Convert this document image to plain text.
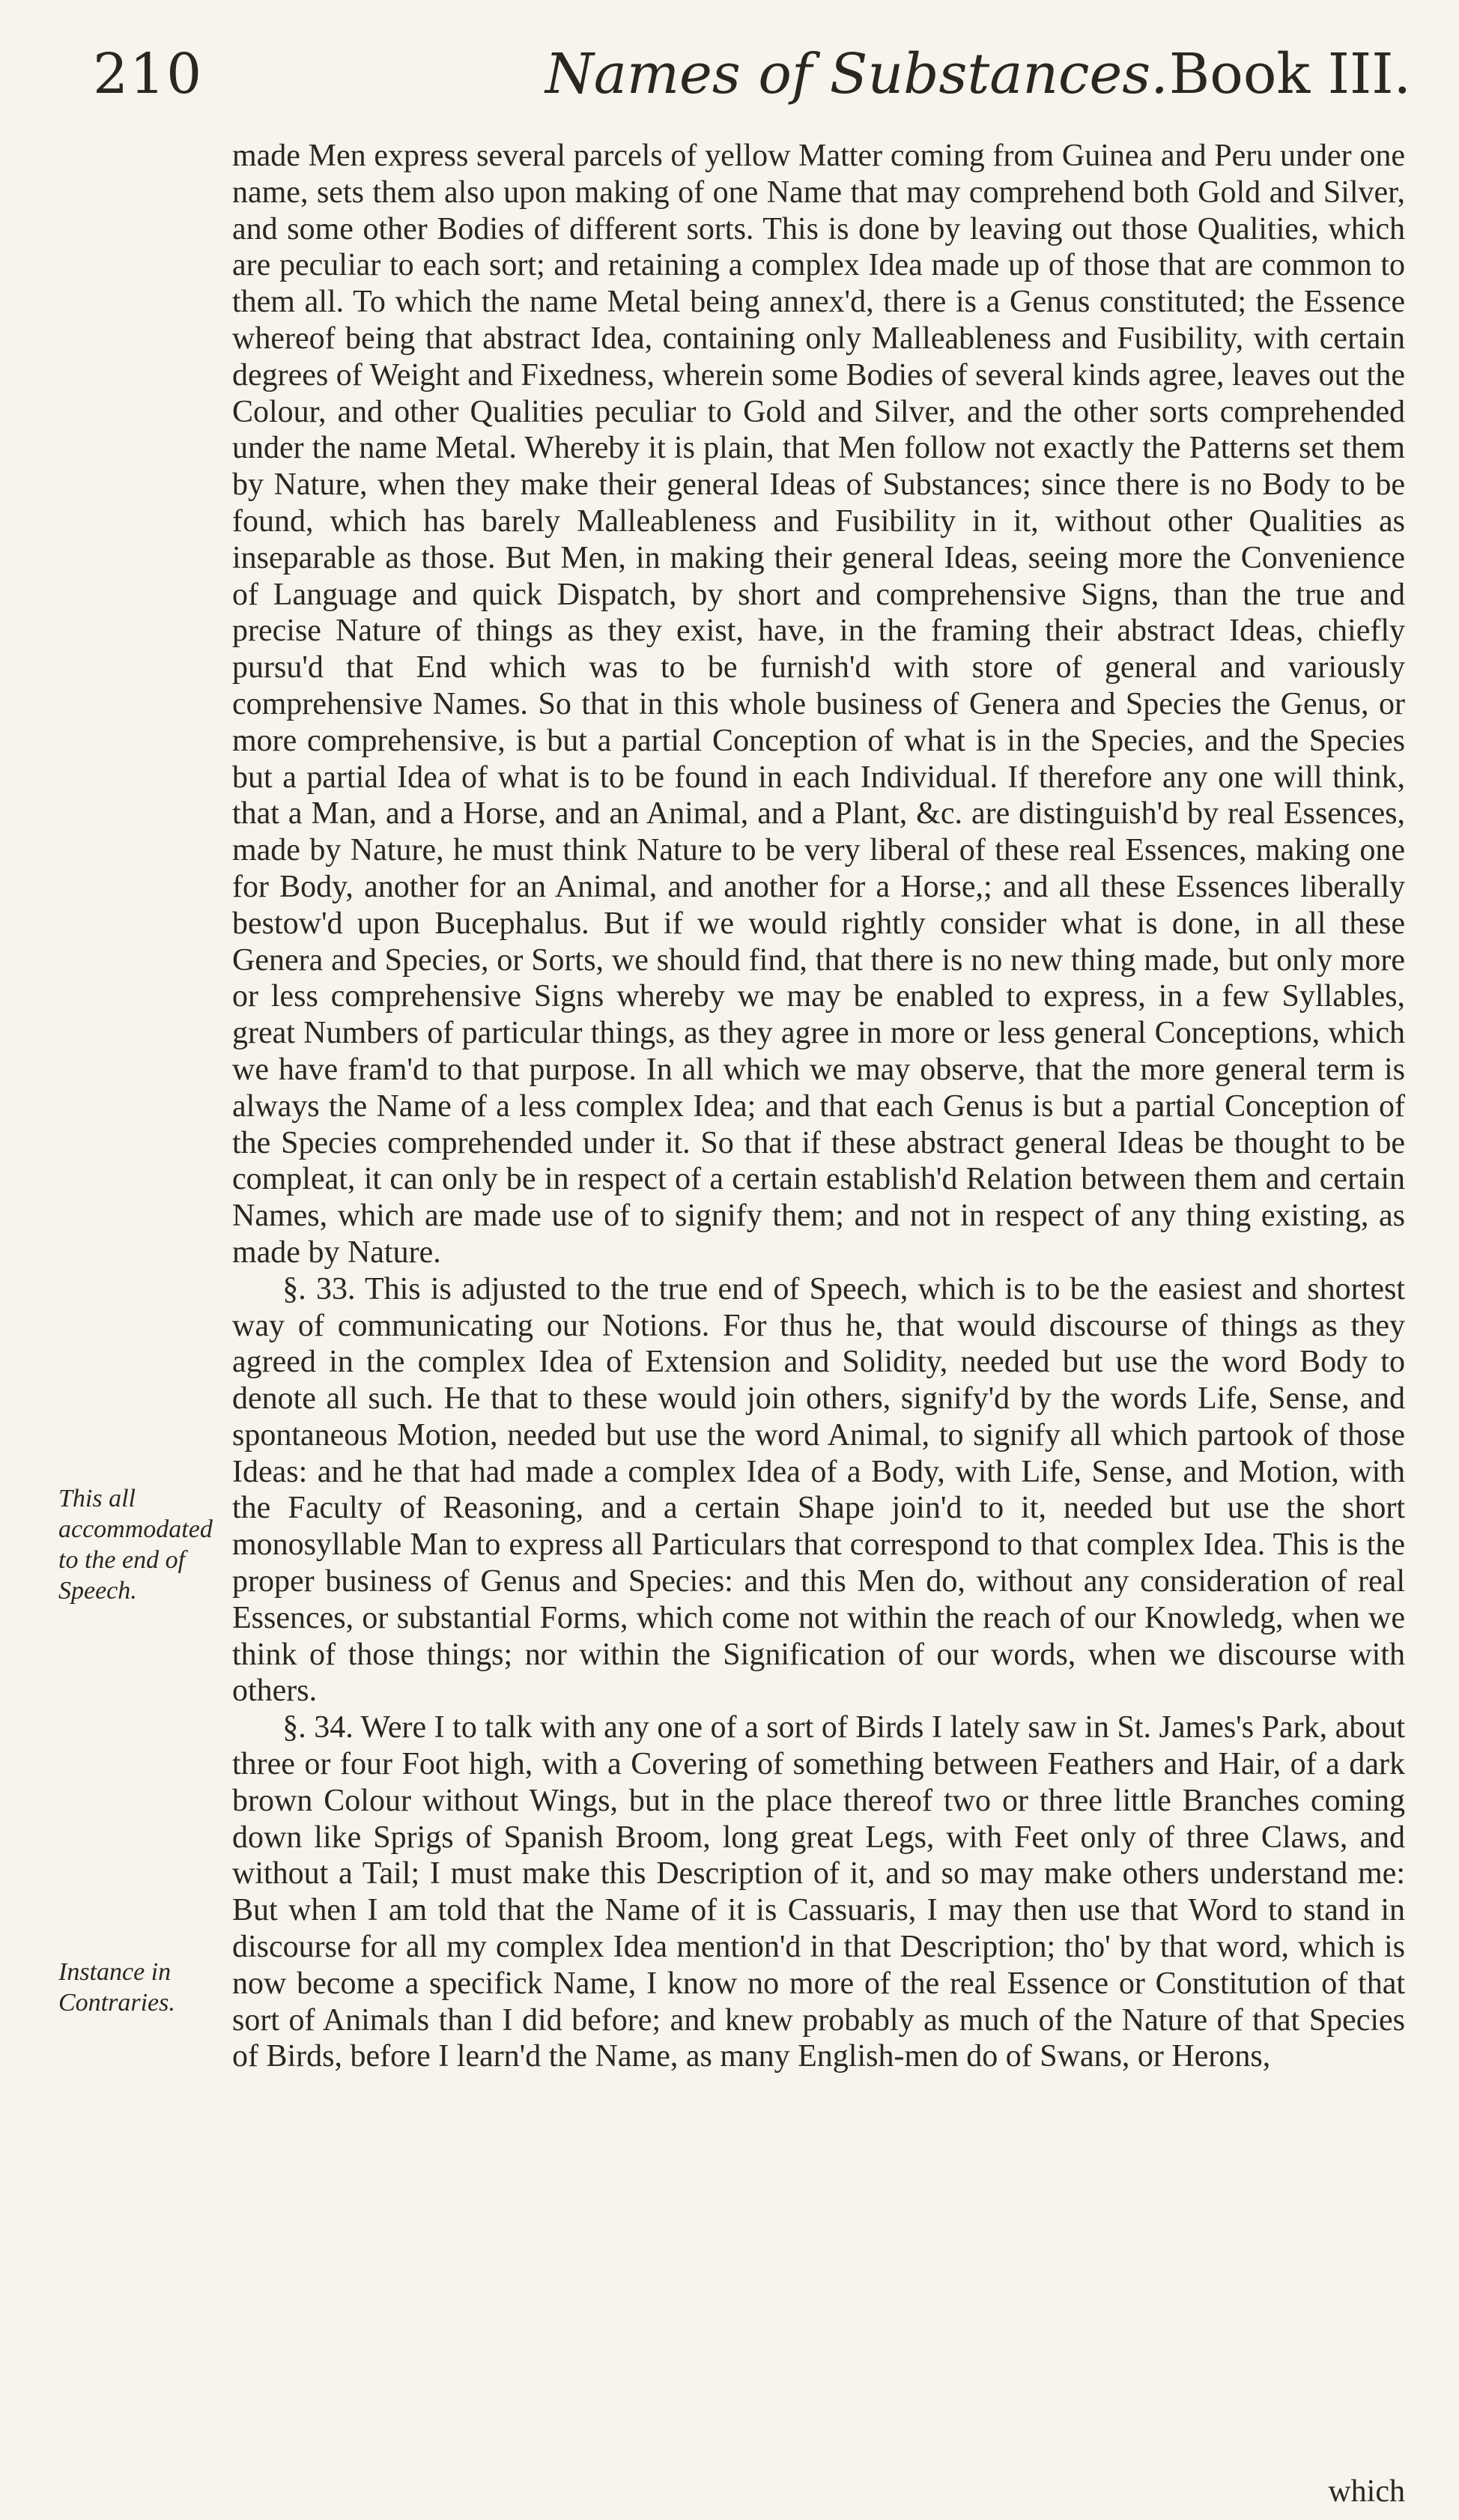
210	Names of Substances. Book III.
This all accommodated to the end of Speech.
Instance in Contraries.

made Men express several parcels of yellow Matter coming from Guinea and Peru under one name, sets them also upon making of one Name that may comprehend both Gold and Silver, and some other Bodies of different sorts. This is done by leaving out those Qualities, which are peculiar to each sort; and retaining a complex Idea made up of those that are common to them all. To which the name Metal being annex'd, there is a Genus constituted; the Essence whereof being that abstract Idea, containing only Malleableness and Fusibility, with certain degrees of Weight and Fixedness, wherein some Bodies of several kinds agree, leaves out the Colour, and other Qualities peculiar to Gold and Silver, and the other sorts comprehended under the name Metal. Whereby it is plain, that Men follow not exactly the Patterns set them by Nature, when they make their general Ideas of Substances; since there is no Body to be found, which has barely Malleableness and Fusibility in it, without other Qualities as inseparable as those. But Men, in making their general Ideas, seeing more the Convenience of Language and quick Dispatch, by short and comprehensive Signs, than the true and precise Nature of things as they exist, have, in the framing their abstract Ideas, chiefly pursu'd that End which was to be furnish'd with store of general and variously comprehensive Names. So that in this whole business of Genera and Species the Genus, or more comprehensive, is but a partial Conception of what is in the Species, and the Species but a partial Idea of what is to be found in each Individual. If therefore any one will think, that a Man, and a Horse, and an Animal, and a Plant, &c. are distinguish'd by real Essences, made by Nature, he must think Nature to be very liberal of these real Essences, making one for Body, another for an Animal, and another for a Horse,; and all these Essences liberally bestow'd upon Bucephalus. But if we would rightly consider what is done, in all these Genera and Species, or Sorts, we should find, that there is no new thing made, but only more or less comprehensive Signs whereby we may be enabled to express, in a few Syllables, great Numbers of particular things, as they agree in more or less general Conceptions, which we have fram'd to that purpose. In all which we may observe, that the more general term is always the Name of a less complex Idea; and that each Genus is but a partial Conception of the Species comprehended under it. So that if these abstract general Ideas be thought to be compleat, it can only be in respect of a certain establish'd Relation between them and certain Names, which are made use of to signify them; and not in respect of any thing existing, as made by Nature.

§. 33. This is adjusted to the true end of Speech, which is to be the easiest and shortest way of communicating our Notions. For thus he, that would discourse of things as they agreed in the complex Idea of Extension and Solidity, needed but use the word Body to denote all such. He that to these would join others, signify'd by the words Life, Sense, and spontaneous Motion, needed but use the word Animal, to signify all which partook of those Ideas: and he that had made a complex Idea of a Body, with Life, Sense, and Motion, with the Faculty of Reasoning, and a certain Shape join'd to it, needed but use the short monosyllable Man to express all Particulars that correspond to that complex Idea. This is the proper business of Genus and Species: and this Men do, without any consideration of real Essences, or substantial Forms, which come not within the reach of our Knowledg, when we think of those things; nor within the Signification of our words, when we discourse with others.

§. 34. Were I to talk with any one of a sort of Birds I lately saw in St. James's Park, about three or four Foot high, with a Covering of something between Feathers and Hair, of a dark brown Colour without Wings, but in the place thereof two or three little Branches coming down like Sprigs of Spanish Broom, long great Legs, with Feet only of three Claws, and without a Tail; I must make this Description of it, and so may make others understand me: But when I am told that the Name of it is Cassuaris, I may then use that Word to stand in discourse for all my complex Idea mention'd in that Description; tho' by that word, which is now become a specifick Name, I know no more of the real Essence or Constitution of that sort of Animals than I did before; and knew probably as much of the Nature of that Species of Birds, before I learn'd the Name, as many English-men do of Swans, or Herons,

which
